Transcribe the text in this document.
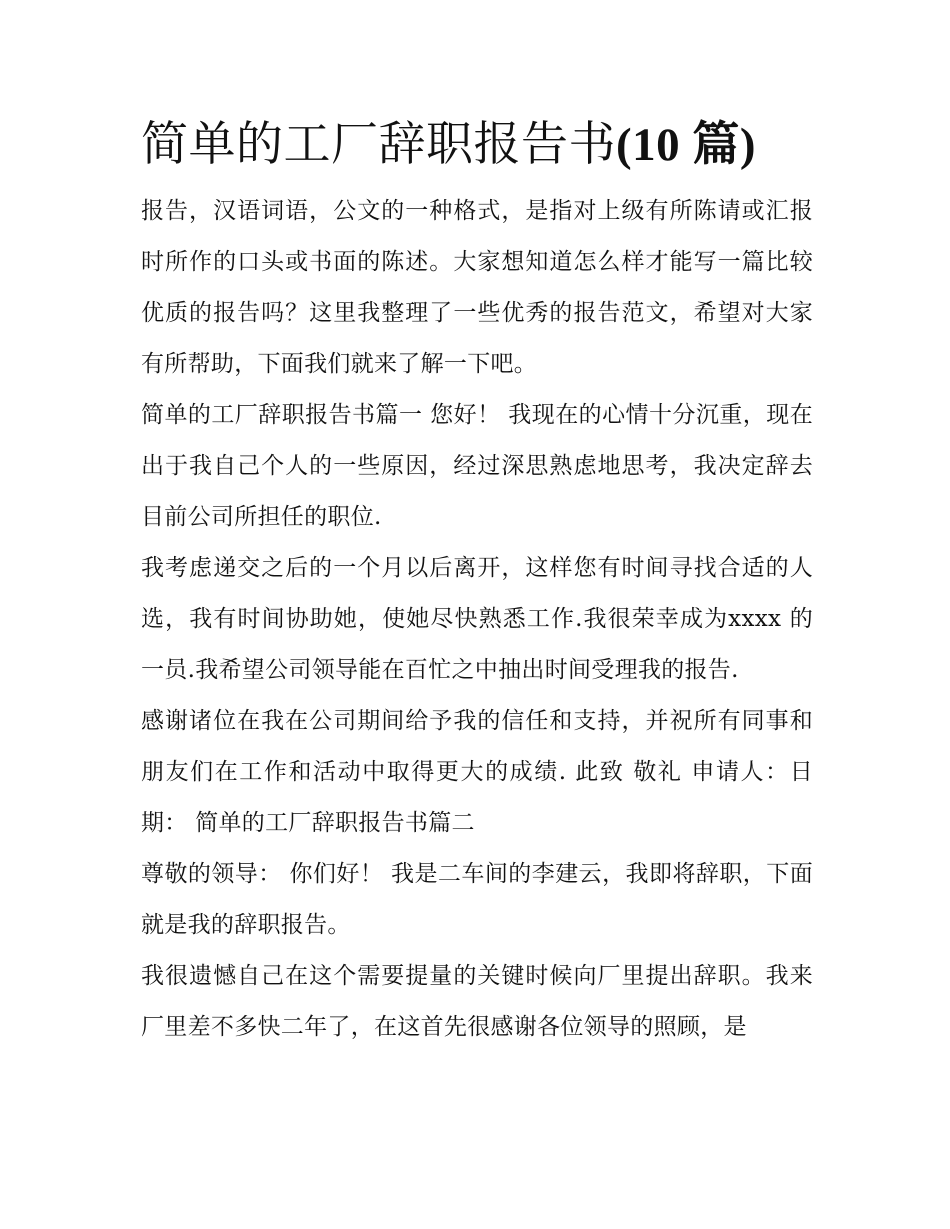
简单的工厂辞职报告书(10 篇)

报告，汉语词语，公文的一种格式，是指对上级有所陈请或汇报时所作的口头或书面的陈述。大家想知道怎么样才能写一篇比较优质的报告吗？这里我整理了一些优秀的报告范文，希望对大家有所帮助，下面我们就来了解一下吧。

简单的工厂辞职报告书篇一 您好！ 我现在的心情十分沉重，现在出于我自己个人的一些原因，经过深思熟虑地思考，我决定辞去目前公司所担任的职位.

我考虑递交之后的一个月以后离开，这样您有时间寻找合适的人选，我有时间协助她，使她尽快熟悉工作.我很荣幸成为xxxx 的一员.我希望公司领导能在百忙之中抽出时间受理我的报告.

感谢诸位在我在公司期间给予我的信任和支持，并祝所有同事和朋友们在工作和活动中取得更大的成绩. 此致 敬礼 申请人：日期： 简单的工厂辞职报告书篇二

尊敬的领导： 你们好！ 我是二车间的李建云，我即将辞职，下面就是我的辞职报告。

我很遗憾自己在这个需要提量的关键时候向厂里提出辞职。我来厂里差不多快二年了，在这首先很感谢各位领导的照顾，是
